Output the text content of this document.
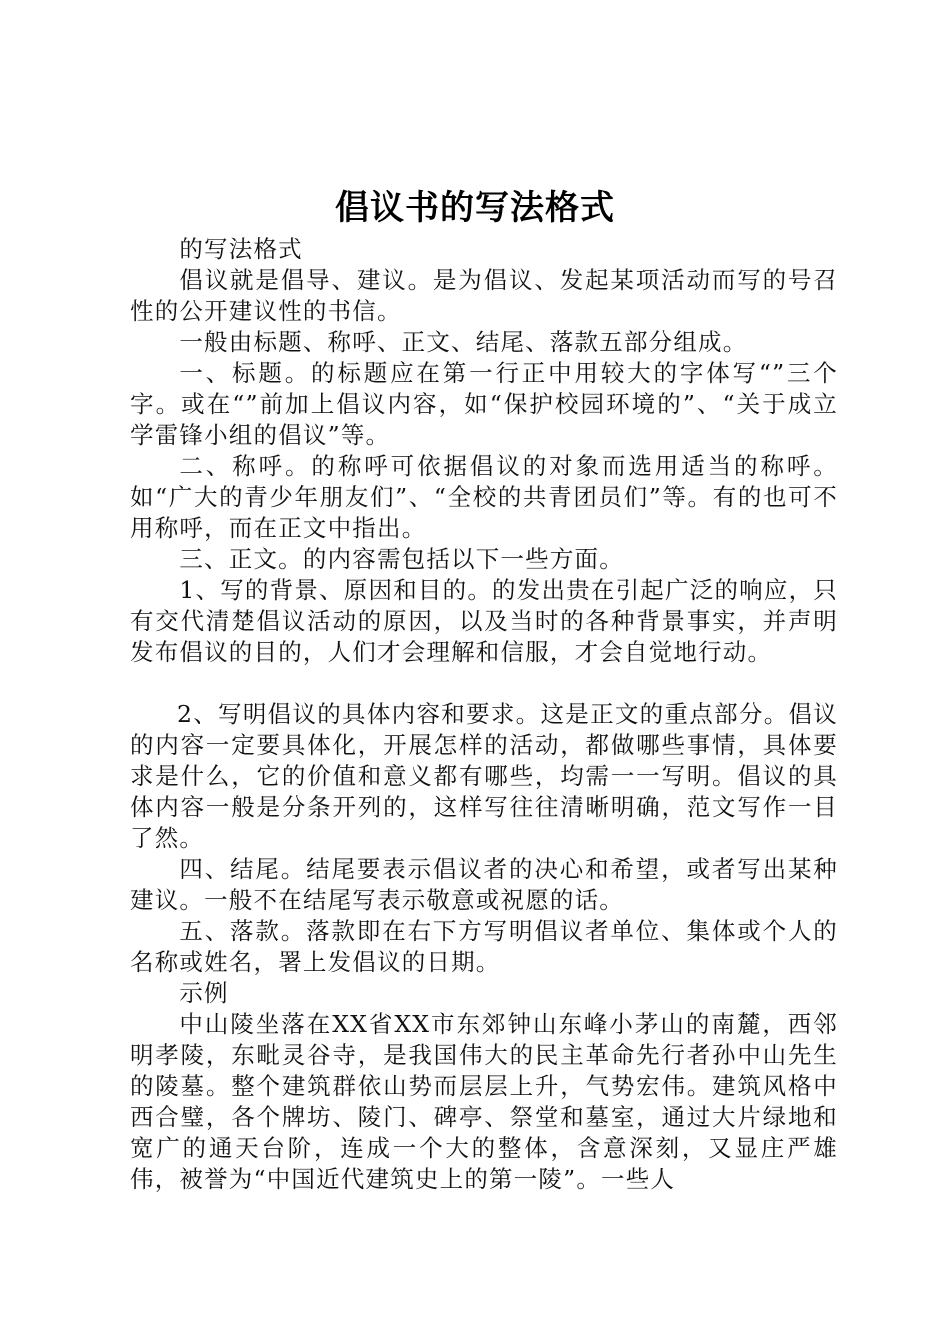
倡议书的写法格式

的写法格式

倡议就是倡导、建议。是为倡议、发起某项活动而写的号召性的公开建议性的书信。

一般由标题、称呼、正文、结尾、落款五部分组成。

一、标题。的标题应在第一行正中用较大的字体写“”三个字。或在“”前加上倡议内容，如“保护校园环境的”、“关于成立学雷锋小组的倡议”等。

二、称呼。的称呼可依据倡议的对象而选用适当的称呼。如“广大的青少年朋友们”、“全校的共青团员们”等。有的也可不用称呼，而在正文中指出。

三、正文。的内容需包括以下一些方面。

1、写的背景、原因和目的。的发出贵在引起广泛的响应，只有交代清楚倡议活动的原因，以及当时的各种背景事实，并声明发布倡议的目的，人们才会理解和信服，才会自觉地行动。

2、写明倡议的具体内容和要求。这是正文的重点部分。倡议的内容一定要具体化，开展怎样的活动，都做哪些事情，具体要求是什么，它的价值和意义都有哪些，均需一一写明。倡议的具体内容一般是分条开列的，这样写往往清晰明确，范文写作一目了然。

四、结尾。结尾要表示倡议者的决心和希望，或者写出某种建议。一般不在结尾写表示敬意或祝愿的话。

五、落款。落款即在右下方写明倡议者单位、集体或个人的名称或姓名，署上发倡议的日期。

示例

中山陵坐落在XX省XX市东郊钟山东峰小茅山的南麓，西邻明孝陵，东毗灵谷寺，是我国伟大的民主革命先行者孙中山先生的陵墓。整个建筑群依山势而层层上升，气势宏伟。建筑风格中西合璧，各个牌坊、陵门、碑亭、祭堂和墓室，通过大片绿地和宽广的通天台阶，连成一个大的整体，含意深刻，又显庄严雄伟，被誉为“中国近代建筑史上的第一陵”。一些人
